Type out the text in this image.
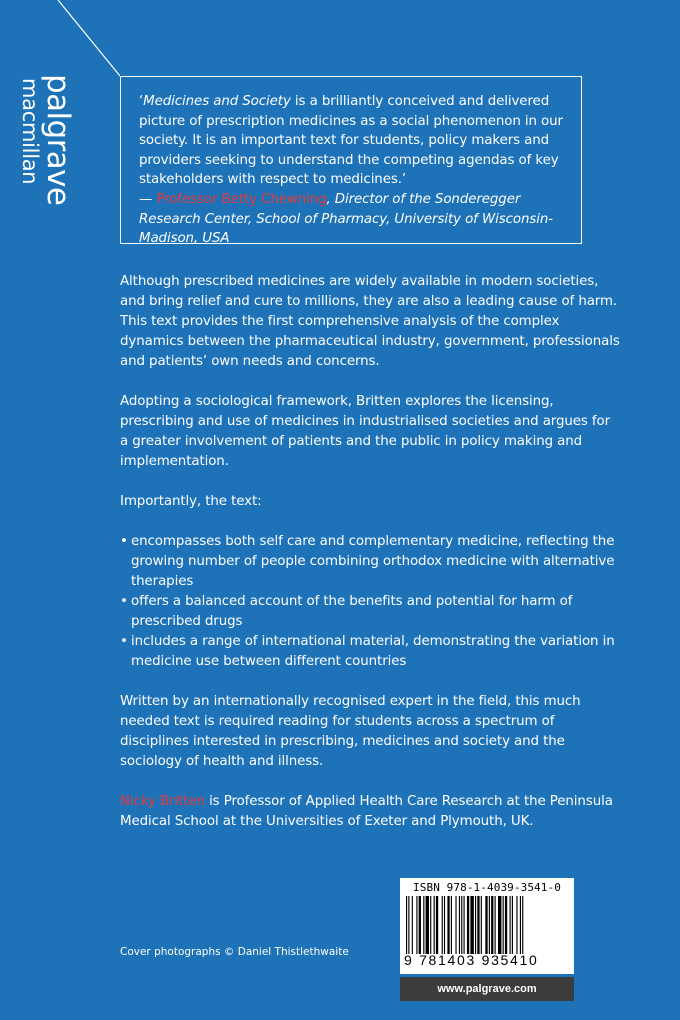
palgrave
macmillan	‘Medicines and Society is a brilliantly conceived and delivered picture of prescription medicines as a social phenomenon in our society. It is an important text for students, policy makers and providers seeking to understand the competing agendas of key stakeholders with respect to medicines.’
— Professor Betty Chewning, Director of the Sonderegger Research Center, School of Pharmacy, University of Wisconsin-Madison, USA

Although prescribed medicines are widely available in modern societies, and bring relief and cure to millions, they are also a leading cause of harm. This text provides the first comprehensive analysis of the complex dynamics between the pharmaceutical industry, government, professionals and patients’ own needs and concerns.

Adopting a sociological framework, Britten explores the licensing, prescribing and use of medicines in industrialised societies and argues for a greater involvement of patients and the public in policy making and implementation.

Importantly, the text:

• encompasses both self care and complementary medicine, reflecting the growing number of people combining orthodox medicine with alternative therapies
• offers a balanced account of the benefits and potential for harm of prescribed drugs
• includes a range of international material, demonstrating the variation in medicine use between different countries

Written by an internationally recognised expert in the field, this much needed text is required reading for students across a spectrum of disciplines interested in prescribing, medicines and society and the sociology of health and illness.

Nicky Britten is Professor of Applied Health Care Research at the Peninsula Medical School at the Universities of Exeter and Plymouth, UK.

Cover photographs © Daniel Thistlethwaite
ISBN 978-1-4039-3541-0
9 781403 935410
www.palgrave.com
